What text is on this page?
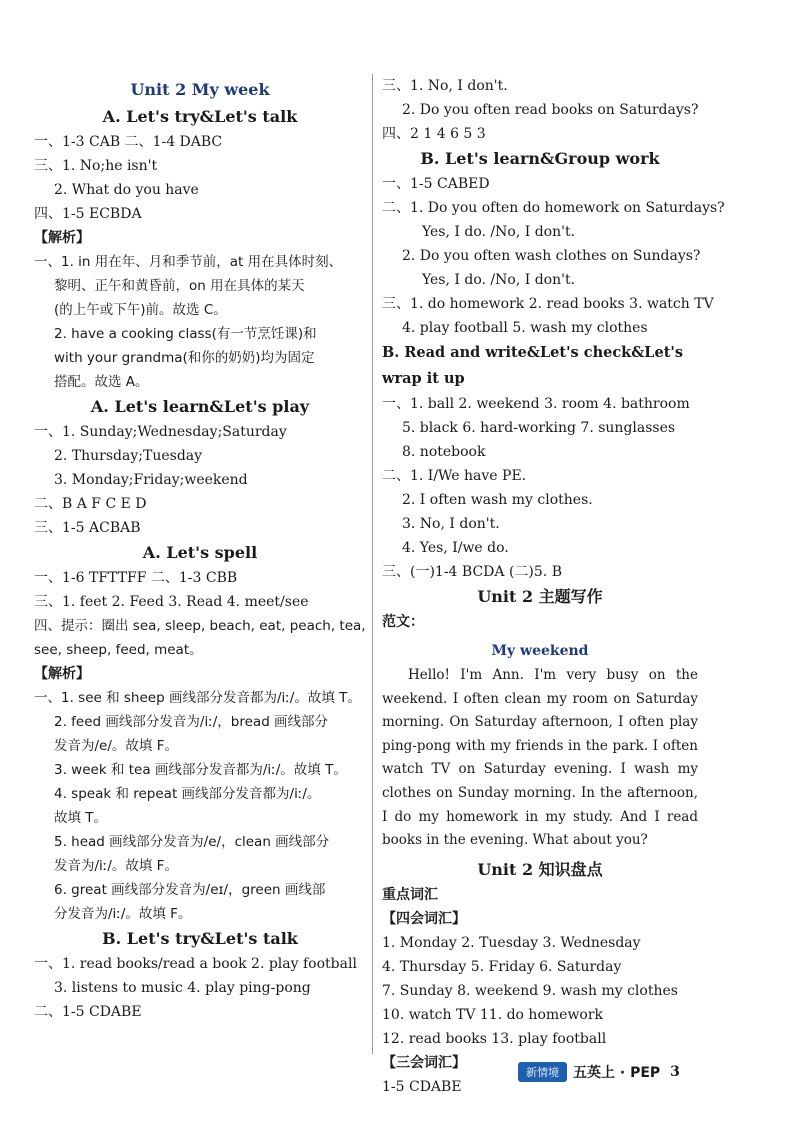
Unit 2 My week
A. Let's try&Let's talk
一、1-3 CAB 二、1-4 DABC
三、1. No;he isn't
2. What do you have
四、1-5 ECBDA
【解析】
一、1. in 用在年、月和季节前，at 用在具体时刻、
黎明、正午和黄昏前，on 用在具体的某天
(的上午或下午)前。故选 C。
2. have a cooking class(有一节烹饪课)和
with your grandma(和你的奶奶)均为固定
搭配。故选 A。
A. Let's learn&Let's play
一、1. Sunday;Wednesday;Saturday
2. Thursday;Tuesday
3. Monday;Friday;weekend
二、B A F C E D
三、1-5 ACBAB
A. Let's spell
一、1-6 TFTTFF 二、1-3 CBB
三、1. feet 2. Feed 3. Read 4. meet/see
四、提示：圈出 sea, sleep, beach, eat, peach, tea,
see, sheep, feed, meat。
【解析】
一、1. see 和 sheep 画线部分发音都为/iː/。故填 T。
2. feed 画线部分发音为/iː/，bread 画线部分
发音为/e/。故填 F。
3. week 和 tea 画线部分发音都为/iː/。故填 T。
4. speak 和 repeat 画线部分发音都为/iː/。
故填 T。
5. head 画线部分发音为/e/，clean 画线部分
发音为/iː/。故填 F。
6. great 画线部分发音为/eɪ/，green 画线部
分发音为/iː/。故填 F。
B. Let's try&Let's talk
一、1. read books/read a book 2. play football
3. listens to music 4. play ping-pong
二、1-5 CDABE
三、1. No, I don't.
2. Do you often read books on Saturdays?
四、2 1 4 6 5 3
B. Let's learn&Group work
一、1-5 CABED
二、1. Do you often do homework on Saturdays?
Yes, I do. /No, I don't.
2. Do you often wash clothes on Sundays?
Yes, I do. /No, I don't.
三、1. do homework 2. read books 3. watch TV
4. play football 5. wash my clothes
B. Read and write&Let's check&Let's wrap it up
一、1. ball 2. weekend 3. room 4. bathroom
5. black 6. hard-working 7. sunglasses
8. notebook
二、1. I/We have PE.
2. I often wash my clothes.
3. No, I don't.
4. Yes, I/we do.
三、(一)1-4 BCDA (二)5. B
Unit 2 主题写作
范文：
My weekend

Hello! I'm Ann. I'm very busy on the weekend. I often clean my room on Saturday morning. On Saturday afternoon, I often play ping-pong with my friends in the park. I often watch TV on Saturday evening. I wash my clothes on Sunday morning. In the afternoon, I do my homework in my study. And I read books in the evening. What about you?

Unit 2 知识盘点
重点词汇
【四会词汇】
1. Monday 2. Tuesday 3. Wednesday
4. Thursday 5. Friday 6. Saturday
7. Sunday 8. weekend 9. wash my clothes
10. watch TV 11. do homework
12. read books 13. play football
【三会词汇】
1-5 CDABE
新情境	五英上 · PEP 3
